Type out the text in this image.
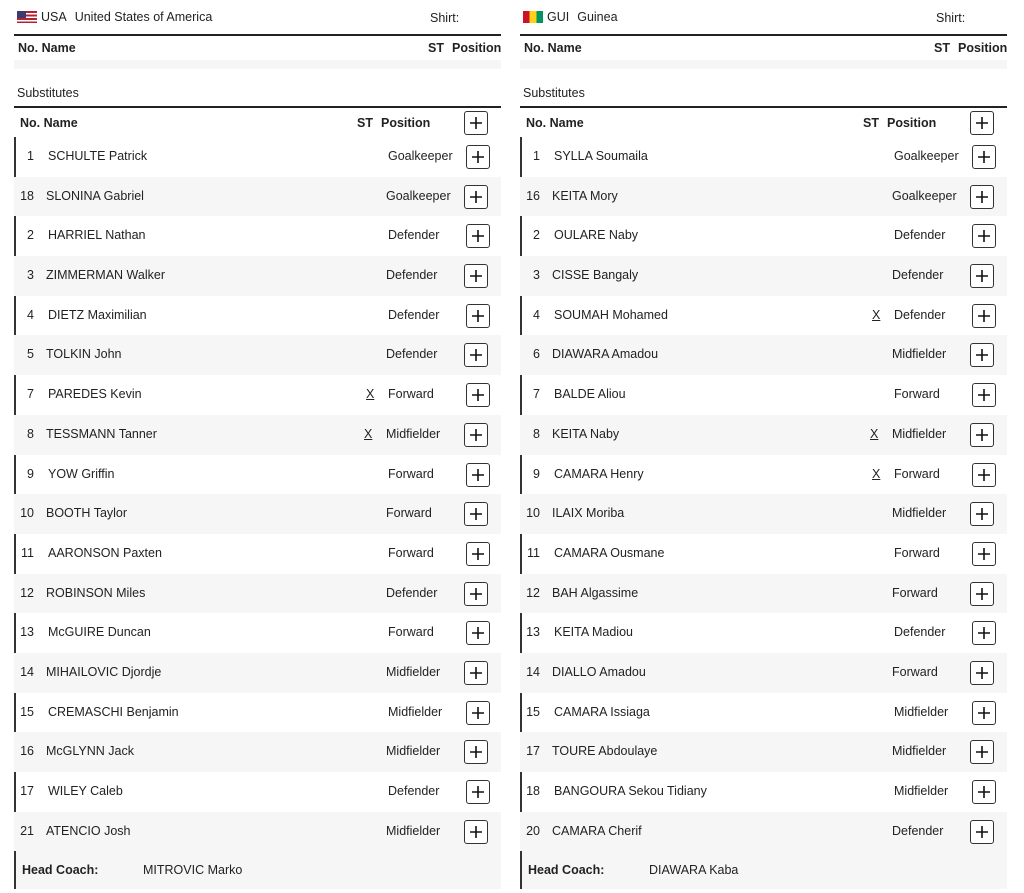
USA United States of America	Shirt:
No. Name	ST Position
Substitutes
No. Name	ST Position
1 SCHULTE Patrick	Goalkeeper
18 SLONINA Gabriel	Goalkeeper
2 HARRIEL Nathan	Defender
3 ZIMMERMAN Walker	Defender
4 DIETZ Maximilian	Defender
5 TOLKIN John	Defender
7 PAREDES Kevin	X Forward
8 TESSMANN Tanner	X Midfielder
9 YOW Griffin	Forward
10 BOOTH Taylor	Forward
11 AARONSON Paxten	Forward
12 ROBINSON Miles	Defender
13 McGUIRE Duncan	Forward
14 MIHAILOVIC Djordje	Midfielder
15 CREMASCHI Benjamin	Midfielder
16 McGLYNN Jack	Midfielder
17 WILEY Caleb	Defender
21 ATENCIO Josh	Midfielder
Head Coach:	MITROVIC Marko
GUI Guinea	Shirt:
No. Name	ST Position
Substitutes
No. Name	ST Position
1 SYLLA Soumaila	Goalkeeper
16 KEITA Mory	Goalkeeper
2 OULARE Naby	Defender
3 CISSE Bangaly	Defender
4 SOUMAH Mohamed	X Defender
6 DIAWARA Amadou	Midfielder
7 BALDE Aliou	Forward
8 KEITA Naby	X Midfielder
9 CAMARA Henry	X Forward
10 ILAIX Moriba	Midfielder
11 CAMARA Ousmane	Forward
12 BAH Algassime	Forward
13 KEITA Madiou	Defender
14 DIALLO Amadou	Forward
15 CAMARA Issiaga	Midfielder
17 TOURE Abdoulaye	Midfielder
18 BANGOURA Sekou Tidiany	Midfielder
20 CAMARA Cherif	Defender
Head Coach:	DIAWARA Kaba
